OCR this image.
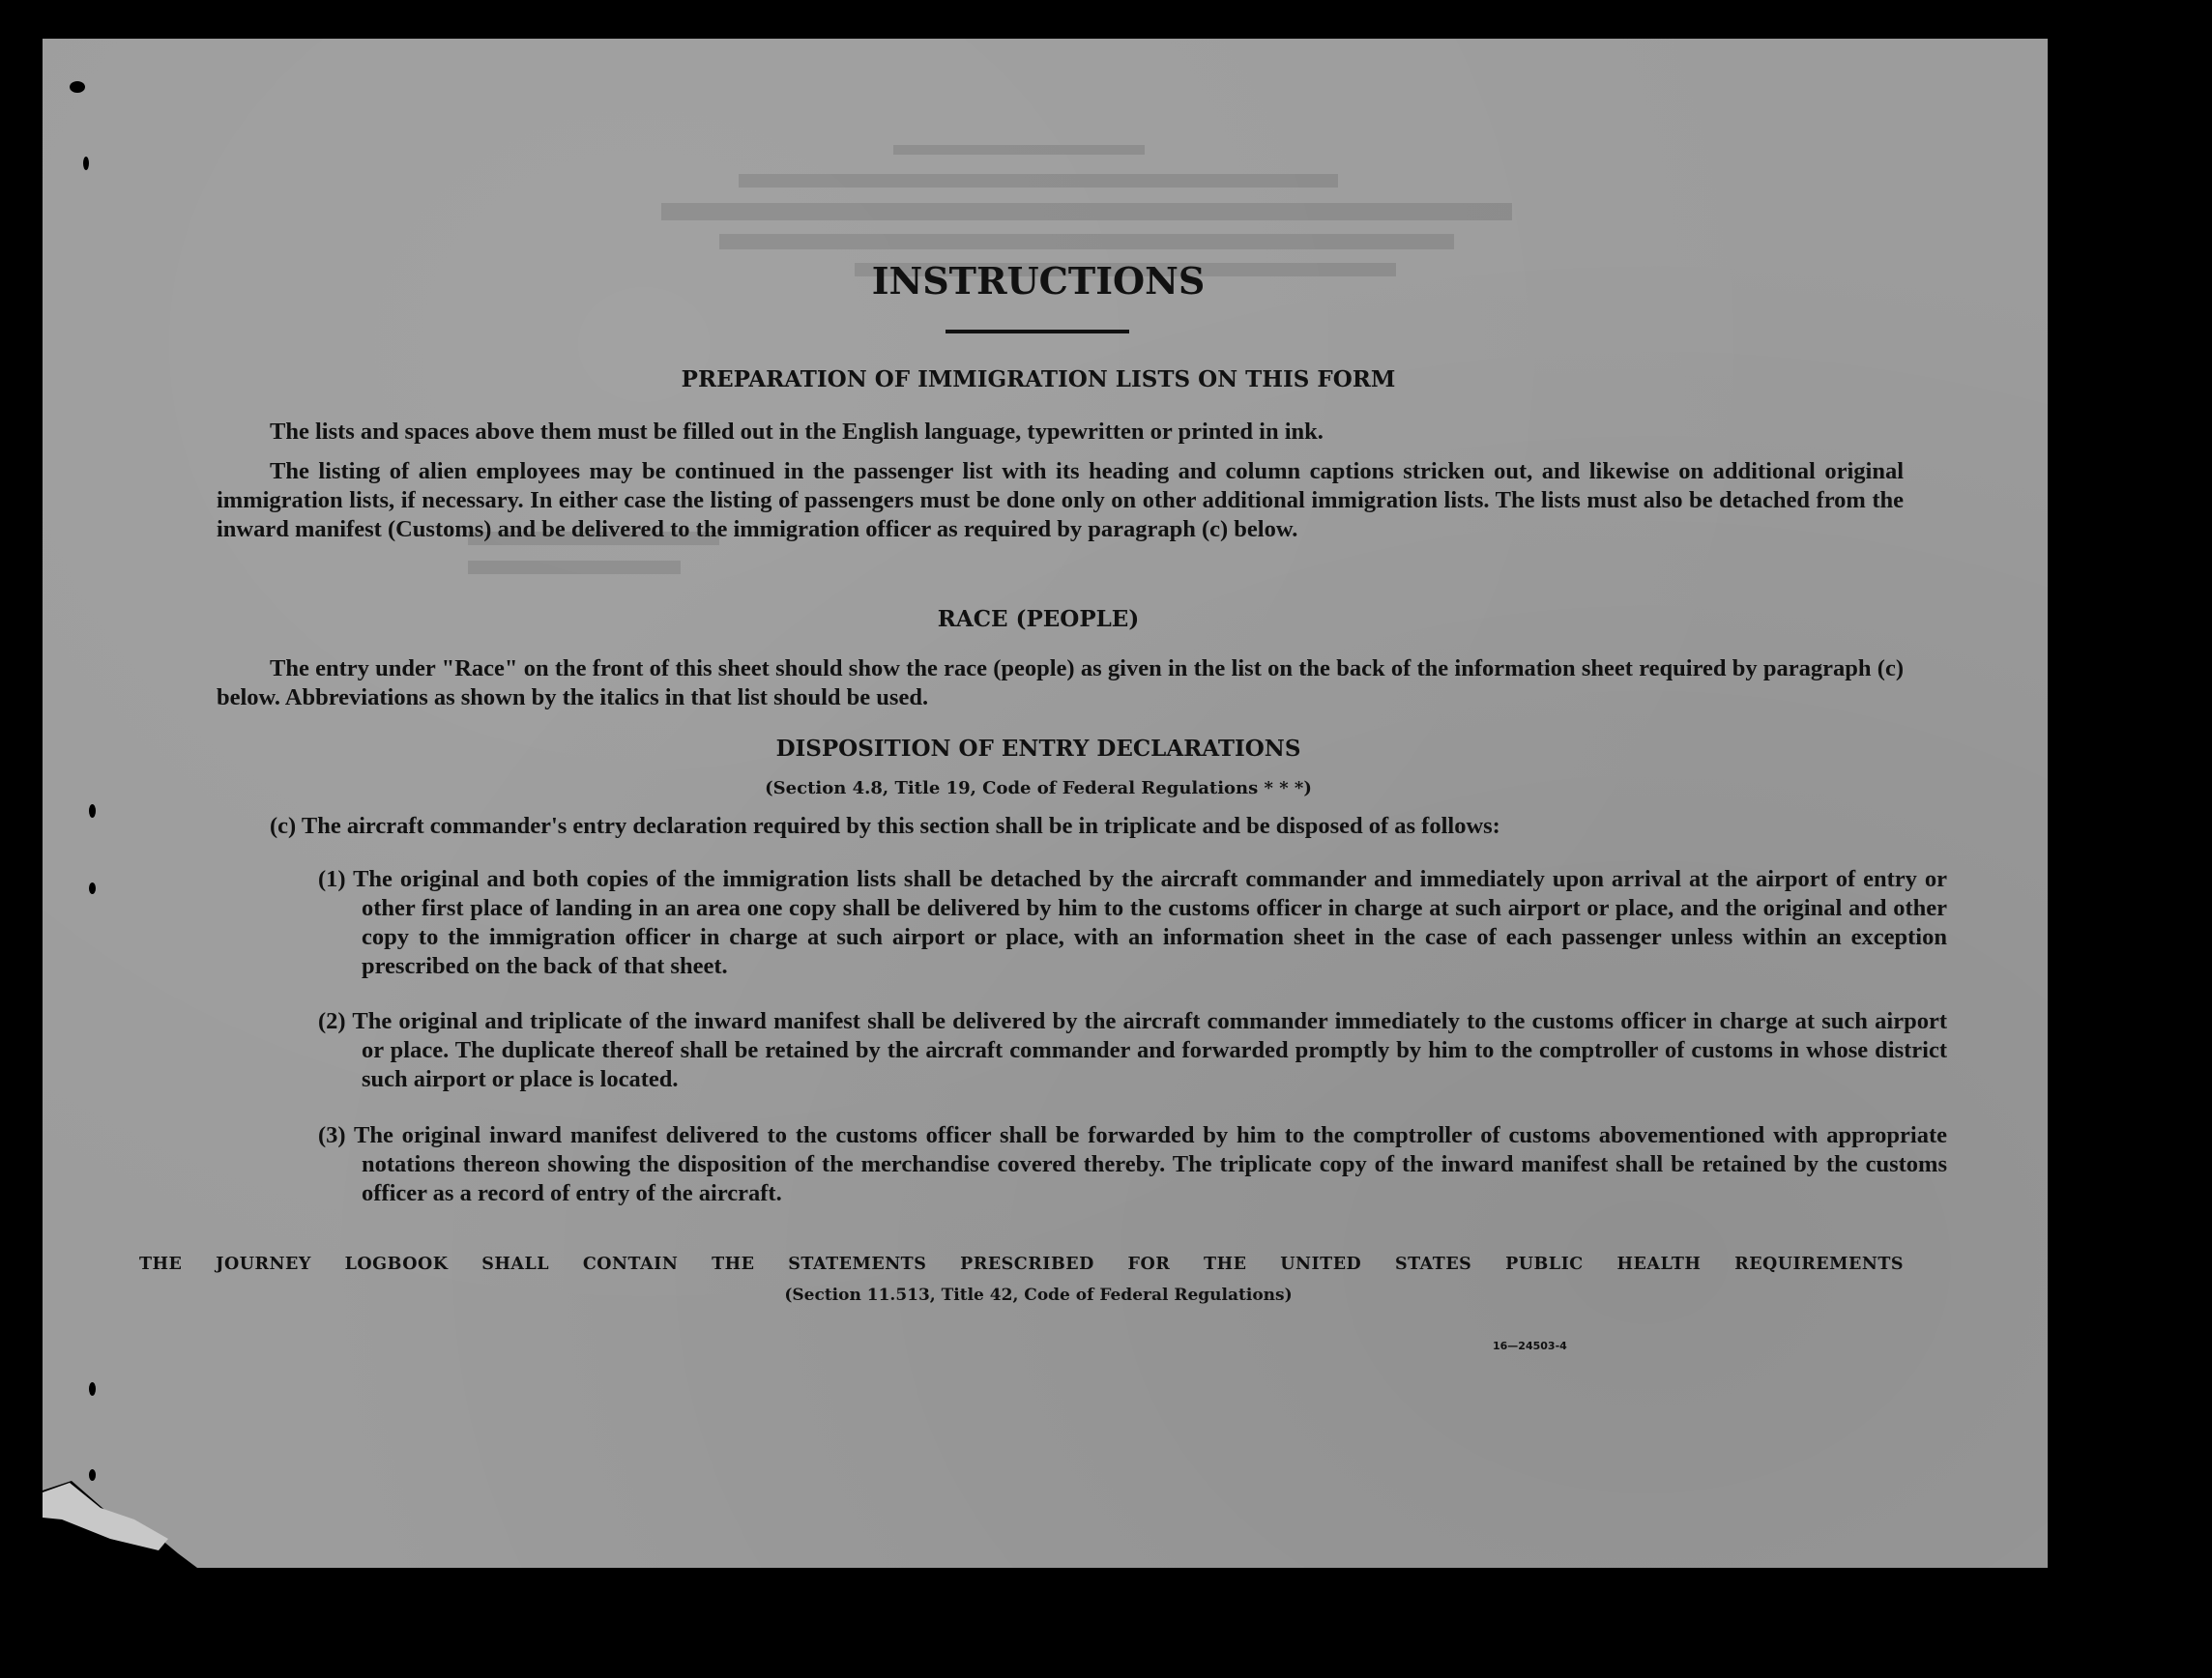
INSTRUCTIONS
PREPARATION OF IMMIGRATION LISTS ON THIS FORM

The lists and spaces above them must be filled out in the English language, typewritten or printed in ink.

The listing of alien employees may be continued in the passenger list with its heading and column captions stricken out, and likewise on additional original immigration lists, if necessary. In either case the listing of passengers must be done only on other additional immigration lists. The lists must also be detached from the inward manifest (Customs) and be delivered to the immigration officer as required by paragraph (c) below.

RACE (PEOPLE)

The entry under "Race" on the front of this sheet should show the race (people) as given in the list on the back of the information sheet required by paragraph (c) below. Abbreviations as shown by the italics in that list should be used.

DISPOSITION OF ENTRY DECLARATIONS

(Section 4.8, Title 19, Code of Federal Regulations * * *)

(c) The aircraft commander's entry declaration required by this section shall be in triplicate and be disposed of as follows:

(1) The original and both copies of the immigration lists shall be detached by the aircraft commander and immediately upon arrival at the airport of entry or other first place of landing in an area one copy shall be delivered by him to the customs officer in charge at such airport or place, and the original and other copy to the immigration officer in charge at such airport or place, with an information sheet in the case of each passenger unless within an exception prescribed on the back of that sheet.

(2) The original and triplicate of the inward manifest shall be delivered by the aircraft commander immediately to the customs officer in charge at such airport or place. The duplicate thereof shall be retained by the aircraft commander and forwarded promptly by him to the comptroller of customs in whose district such airport or place is located.

(3) The original inward manifest delivered to the customs officer shall be forwarded by him to the comptroller of customs abovementioned with appropriate notations thereon showing the disposition of the merchandise covered thereby. The triplicate copy of the inward manifest shall be retained by the customs officer as a record of entry of the aircraft.

THE JOURNEY LOGBOOK SHALL CONTAIN THE STATEMENTS PRESCRIBED FOR THE UNITED STATES PUBLIC HEALTH REQUIREMENTS

(Section 11.513, Title 42, Code of Federal Regulations)

16—24503-4
